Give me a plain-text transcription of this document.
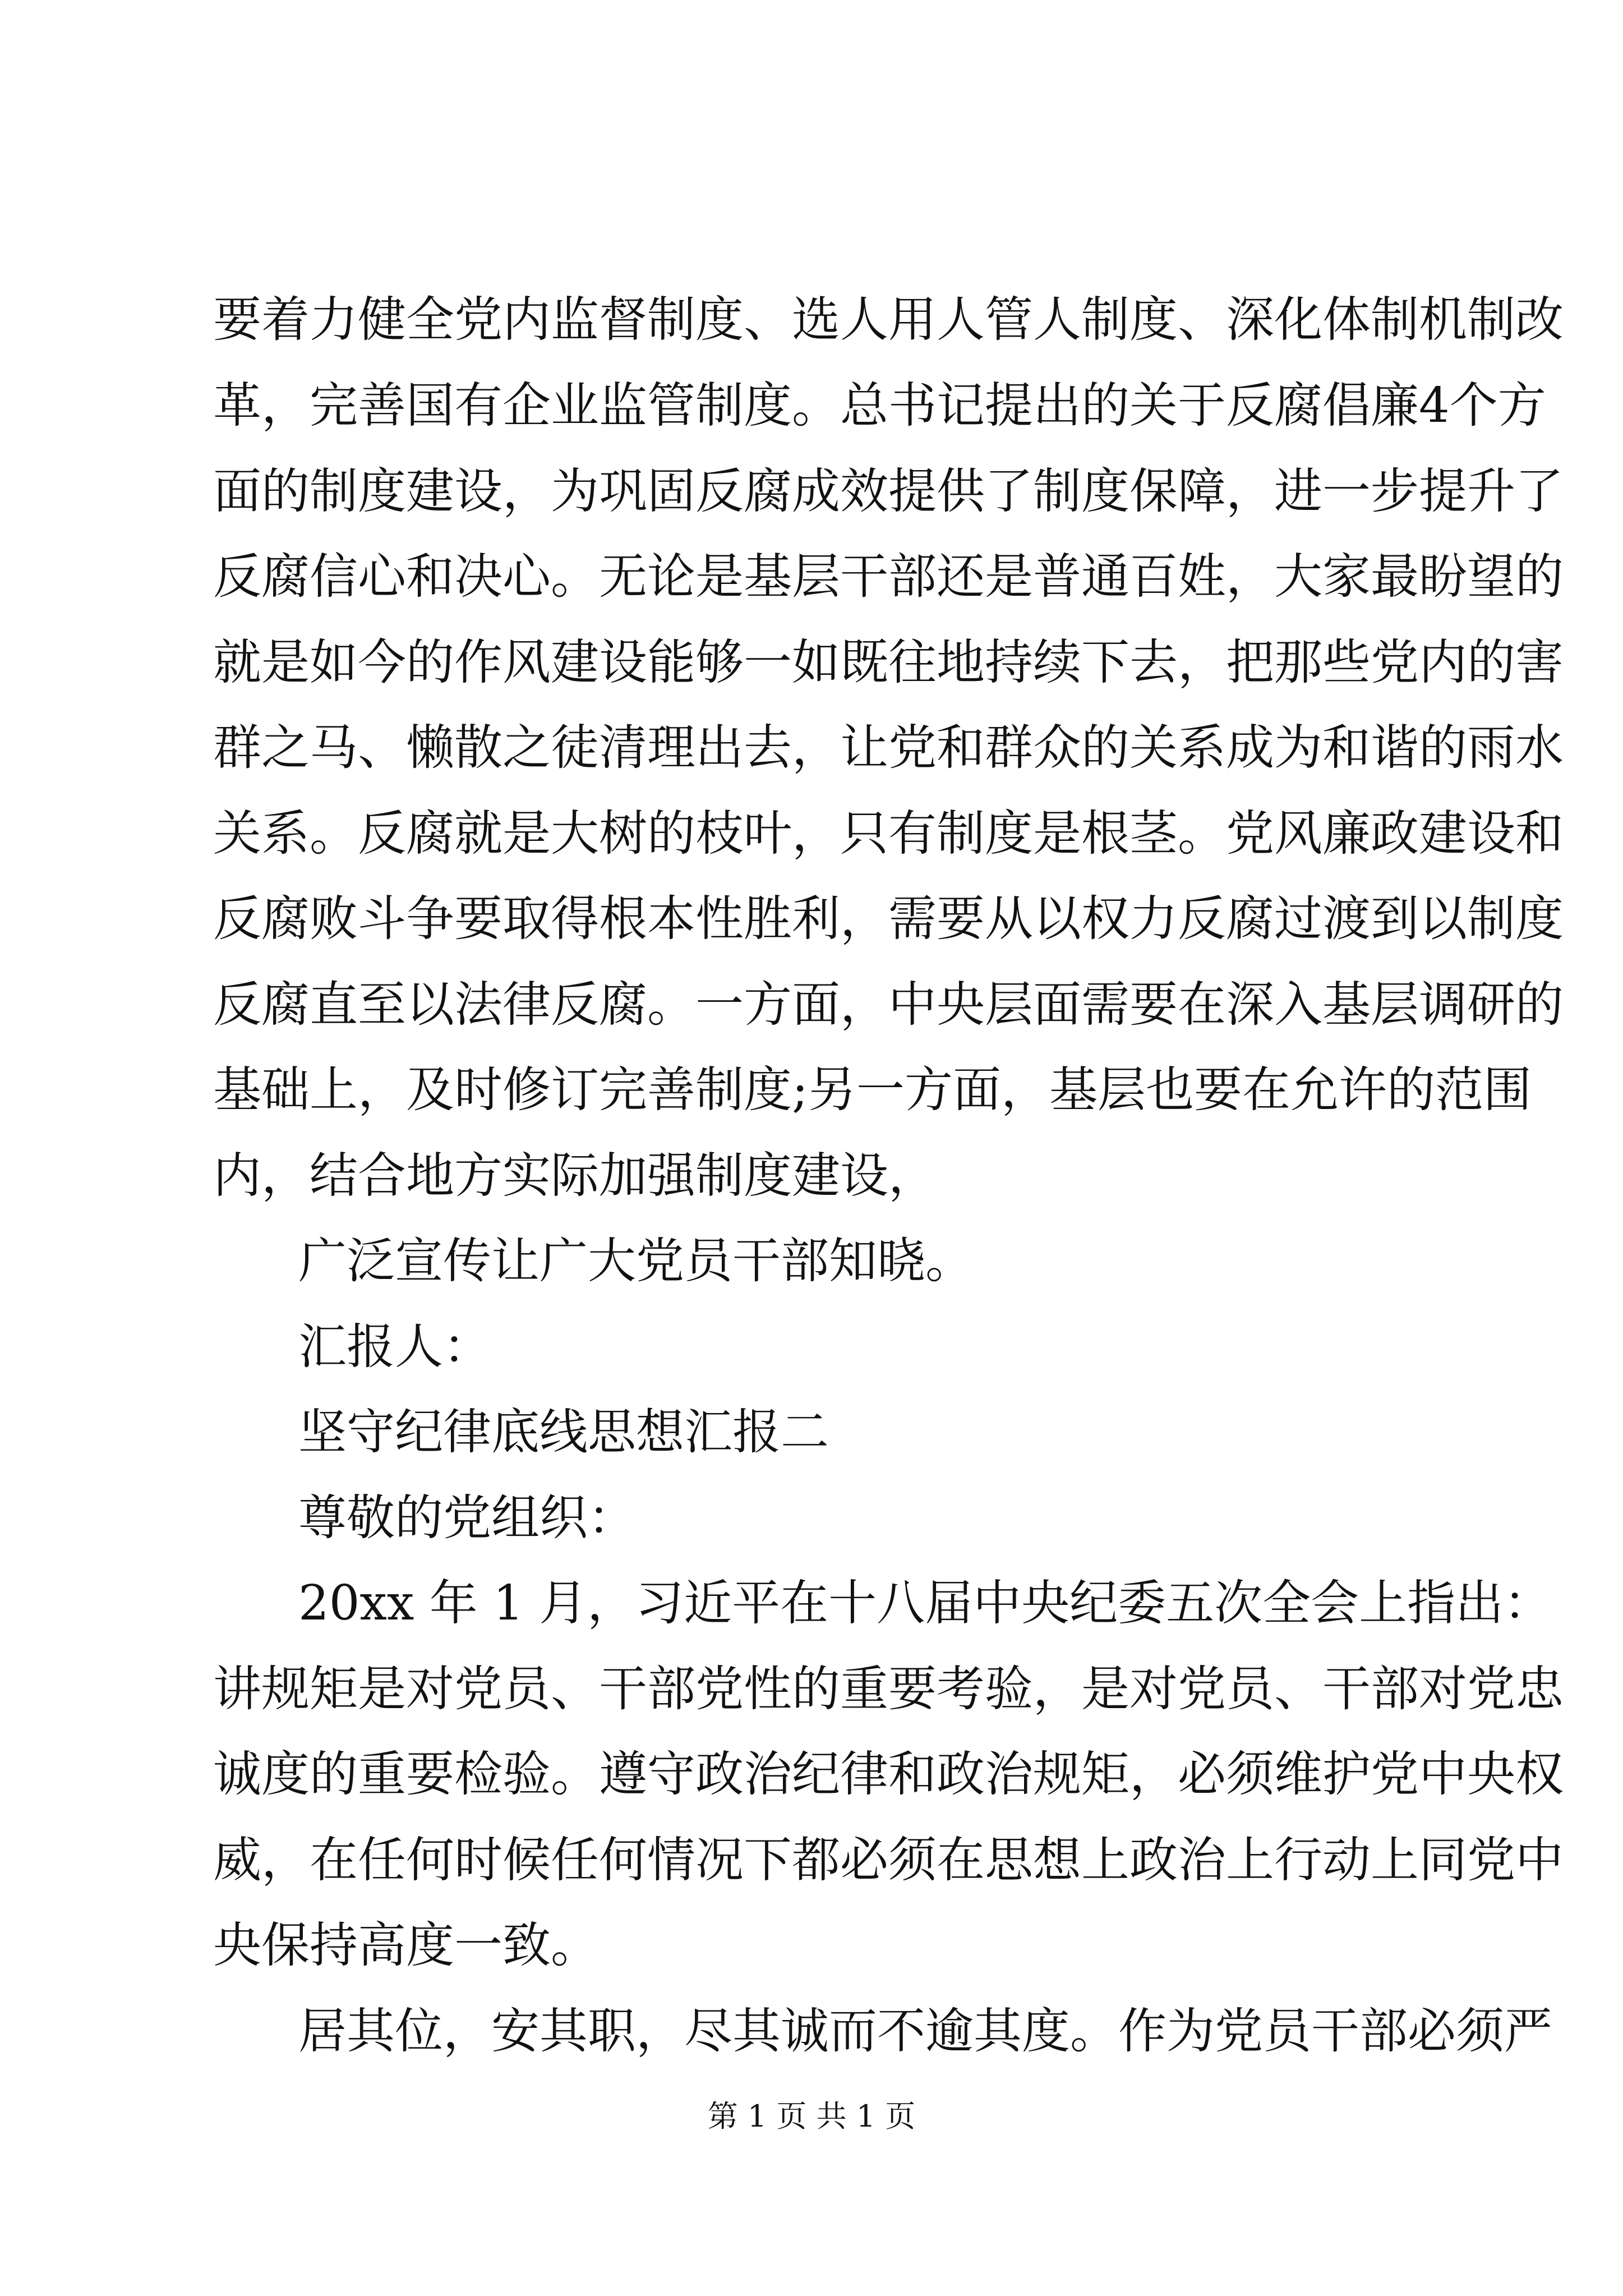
要着力健全党内监督制度、选人用人管人制度、深化体制机制改
革，完善国有企业监管制度。总书记提出的关于反腐倡廉4个方
面的制度建设，为巩固反腐成效提供了制度保障，进一步提升了
反腐信心和决心。无论是基层干部还是普通百姓，大家最盼望的
就是如今的作风建设能够一如既往地持续下去，把那些党内的害
群之马、懒散之徒清理出去，让党和群众的关系成为和谐的雨水
关系。反腐就是大树的枝叶，只有制度是根茎。党风廉政建设和
反腐败斗争要取得根本性胜利，需要从以权力反腐过渡到以制度
反腐直至以法律反腐。一方面，中央层面需要在深入基层调研的
基础上，及时修订完善制度;另一方面，基层也要在允许的范围
内，结合地方实际加强制度建设，
广泛宣传让广大党员干部知晓。
汇报人：
坚守纪律底线思想汇报二
尊敬的党组织：
20xx 年 1 月，习近平在十八届中央纪委五次全会上指出：
讲规矩是对党员、干部党性的重要考验，是对党员、干部对党忠
诚度的重要检验。遵守政治纪律和政治规矩，必须维护党中央权
威，在任何时候任何情况下都必须在思想上政治上行动上同党中
央保持高度一致。
居其位，安其职，尽其诚而不逾其度。作为党员干部必须严
第 1 页 共 1 页
